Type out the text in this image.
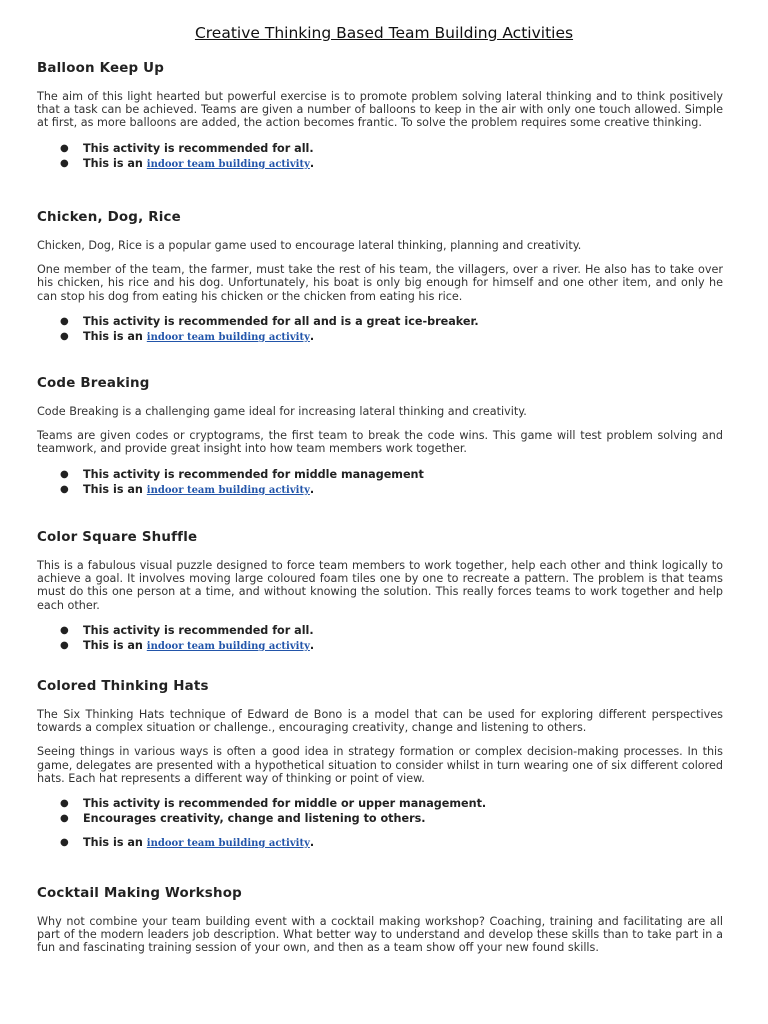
Creative Thinking Based Team Building Activities
Balloon Keep Up

The aim of this light hearted but powerful exercise is to promote problem solving lateral thinking and to think positively that a task can be achieved. Teams are given a number of balloons to keep in the air with only one touch allowed. Simple at first, as more balloons are added, the action becomes frantic. To solve the problem requires some creative thinking.

● This activity is recommended for all.
● This is an indoor team building activity.
Chicken, Dog, Rice

Chicken, Dog, Rice is a popular game used to encourage lateral thinking, planning and creativity.

One member of the team, the farmer, must take the rest of his team, the villagers, over a river. He also has to take over his chicken, his rice and his dog. Unfortunately, his boat is only big enough for himself and one other item, and only he can stop his dog from eating his chicken or the chicken from eating his rice.

● This activity is recommended for all and is a great ice-breaker.
● This is an indoor team building activity.
Code Breaking

Code Breaking is a challenging game ideal for increasing lateral thinking and creativity.

Teams are given codes or cryptograms, the first team to break the code wins. This game will test problem solving and teamwork, and provide great insight into how team members work together.

● This activity is recommended for middle management
● This is an indoor team building activity.
Color Square Shuffle

This is a fabulous visual puzzle designed to force team members to work together, help each other and think logically to achieve a goal. It involves moving large coloured foam tiles one by one to recreate a pattern. The problem is that teams must do this one person at a time, and without knowing the solution. This really forces teams to work together and help each other.

● This activity is recommended for all.
● This is an indoor team building activity.
Colored Thinking Hats

The Six Thinking Hats technique of Edward de Bono is a model that can be used for exploring different perspectives towards a complex situation or challenge., encouraging creativity, change and listening to others.

Seeing things in various ways is often a good idea in strategy formation or complex decision-making processes. In this game, delegates are presented with a hypothetical situation to consider whilst in turn wearing one of six different colored hats. Each hat represents a different way of thinking or point of view.

● This activity is recommended for middle or upper management.
● Encourages creativity, change and listening to others.
● This is an indoor team building activity.
Cocktail Making Workshop

Why not combine your team building event with a cocktail making workshop? Coaching, training and facilitating are all part of the modern leaders job description. What better way to understand and develop these skills than to take part in a fun and fascinating training session of your own, and then as a team show off your new found skills.
